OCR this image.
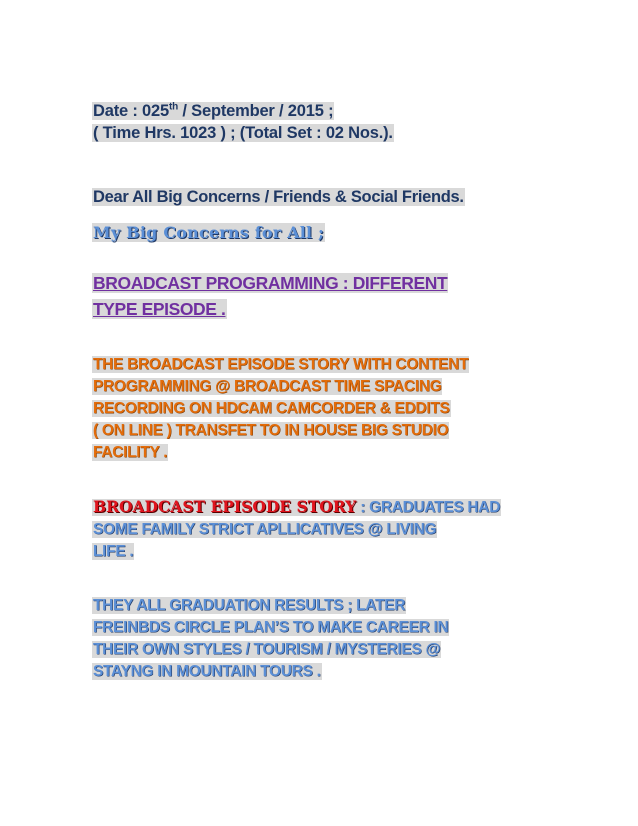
Date : 025th / September / 2015 ;
( Time Hrs. 1023 ) ; (Total Set : 02 Nos.).

Dear All Big Concerns / Friends & Social Friends.

My Big Concerns for All ;

BROADCAST PROGRAMMING : DIFFERENT
TYPE EPISODE .

THE BROADCAST EPISODE STORY WITH CONTENT
PROGRAMMING @ BROADCAST TIME SPACING
RECORDING ON HDCAM CAMCORDER & EDDITS
( ON LINE ) TRANSFET TO IN HOUSE BIG STUDIO
FACILITY .

BROADCAST EPISODE STORY : GRADUATES HAD
SOME FAMILY STRICT APLLICATIVES @ LIVING
LIFE .

THEY ALL GRADUATION RESULTS ; LATER
FREINBDS CIRCLE PLAN’S TO MAKE CAREER IN
THEIR OWN STYLES / TOURISM / MYSTERIES @
STAYNG IN MOUNTAIN TOURS .
